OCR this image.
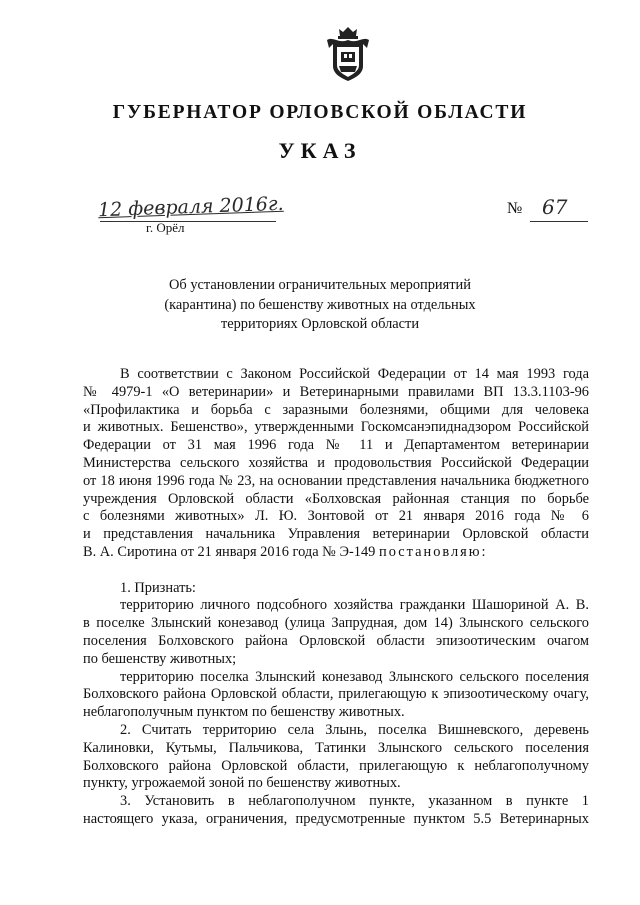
ГУБЕРНАТОР ОРЛОВСКОЙ ОБЛАСТИ
УКАЗ
12 февраля 2016г.
г. Орёл
№ 67
Об установлении ограничительных мероприятий
(карантина) по бешенству животных на отдельных
территориях Орловской области
В соответствии с Законом Российской Федерации от 14 мая 1993 года
№ 4979-1 «О ветеринарии» и Ветеринарными правилами ВП 13.3.1103-96
«Профилактика и борьба с заразными болезнями, общими для человека
и животных. Бешенство», утвержденными Госкомсанэпиднадзором Российской
Федерации от 31 мая 1996 года № 11 и Департаментом ветеринарии
Министерства сельского хозяйства и продовольствия Российской Федерации
от 18 июня 1996 года № 23, на основании представления начальника бюджетного
учреждения Орловской области «Болховская районная станция по борьбе
с болезнями животных» Л. Ю. Зонтовой от 21 января 2016 года № 6
и представления начальника Управления ветеринарии Орловской области
В. А. Сиротина от 21 января 2016 года № Э-149 постановляю:
1. Признать:
территорию личного подсобного хозяйства гражданки Шашориной А. В.
в поселке Злынский конезавод (улица Запрудная, дом 14) Злынского сельского
поселения Болховского района Орловской области эпизоотическим очагом
по бешенству животных;
территорию поселка Злынский конезавод Злынского сельского поселения
Болховского района Орловской области, прилегающую к эпизоотическому очагу,
неблагополучным пунктом по бешенству животных.
2. Считать территорию села Злынь, поселка Вишневского, деревень
Калиновки, Кутьмы, Пальчикова, Татинки Злынского сельского поселения
Болховского района Орловской области, прилегающую к неблагополучному
пункту, угрожаемой зоной по бешенству животных.
3. Установить в неблагополучном пункте, указанном в пункте 1
настоящего указа, ограничения, предусмотренные пунктом 5.5 Ветеринарных
